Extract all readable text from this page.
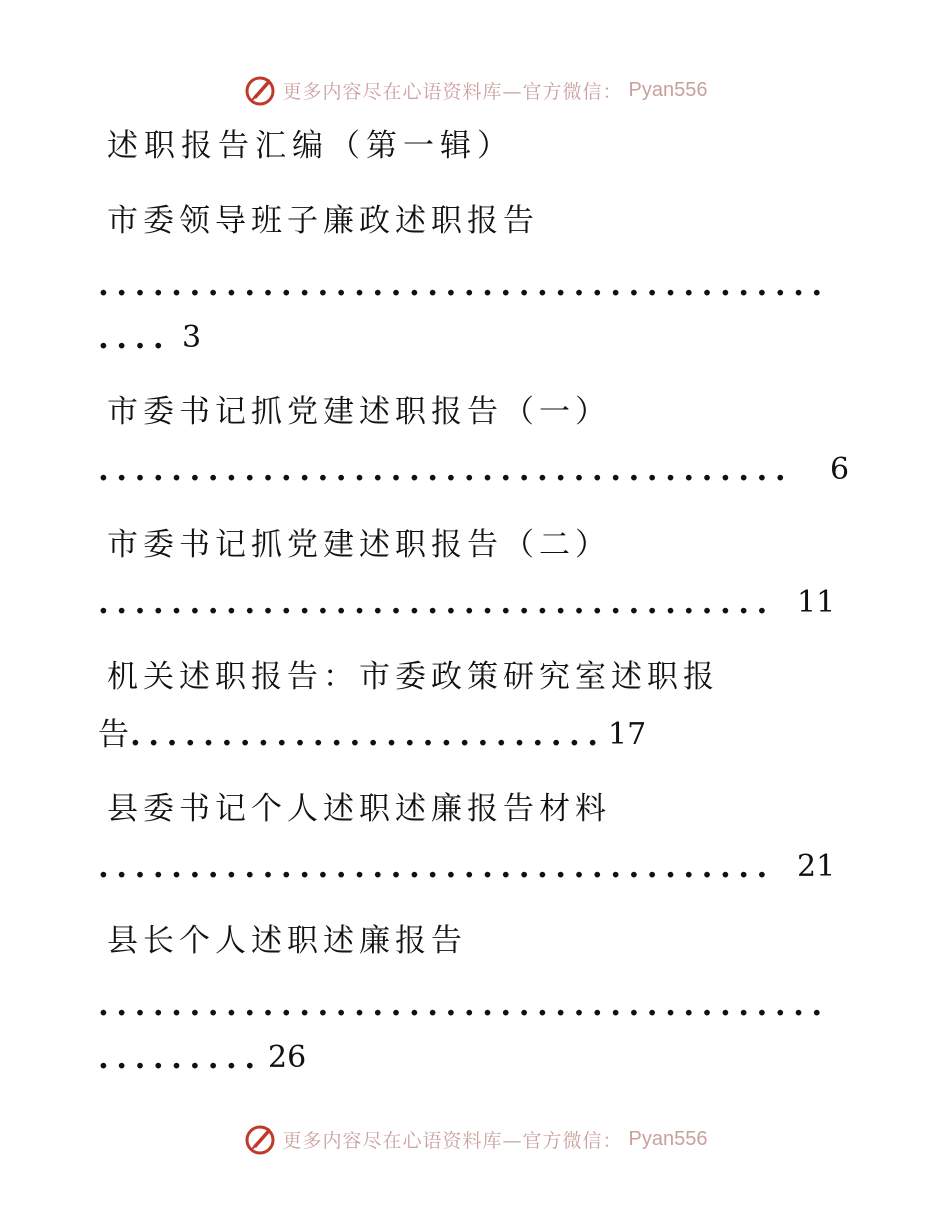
更多内容尽在心语资料库—官方微信： Pyan556
述职报告汇编（第一辑）
市委领导班子廉政述职报告
........................................
.... 3
市委书记抓党建述职报告（一）
...................................... 6
市委书记抓党建述职报告（二）
..................................... 11
机关述职报告：市委政策研究室述职报
告
.......................... 17
县委书记个人述职述廉报告材料
..................................... 21
县长个人述职述廉报告
........................................
......... 26
更多内容尽在心语资料库—官方微信： Pyan556
